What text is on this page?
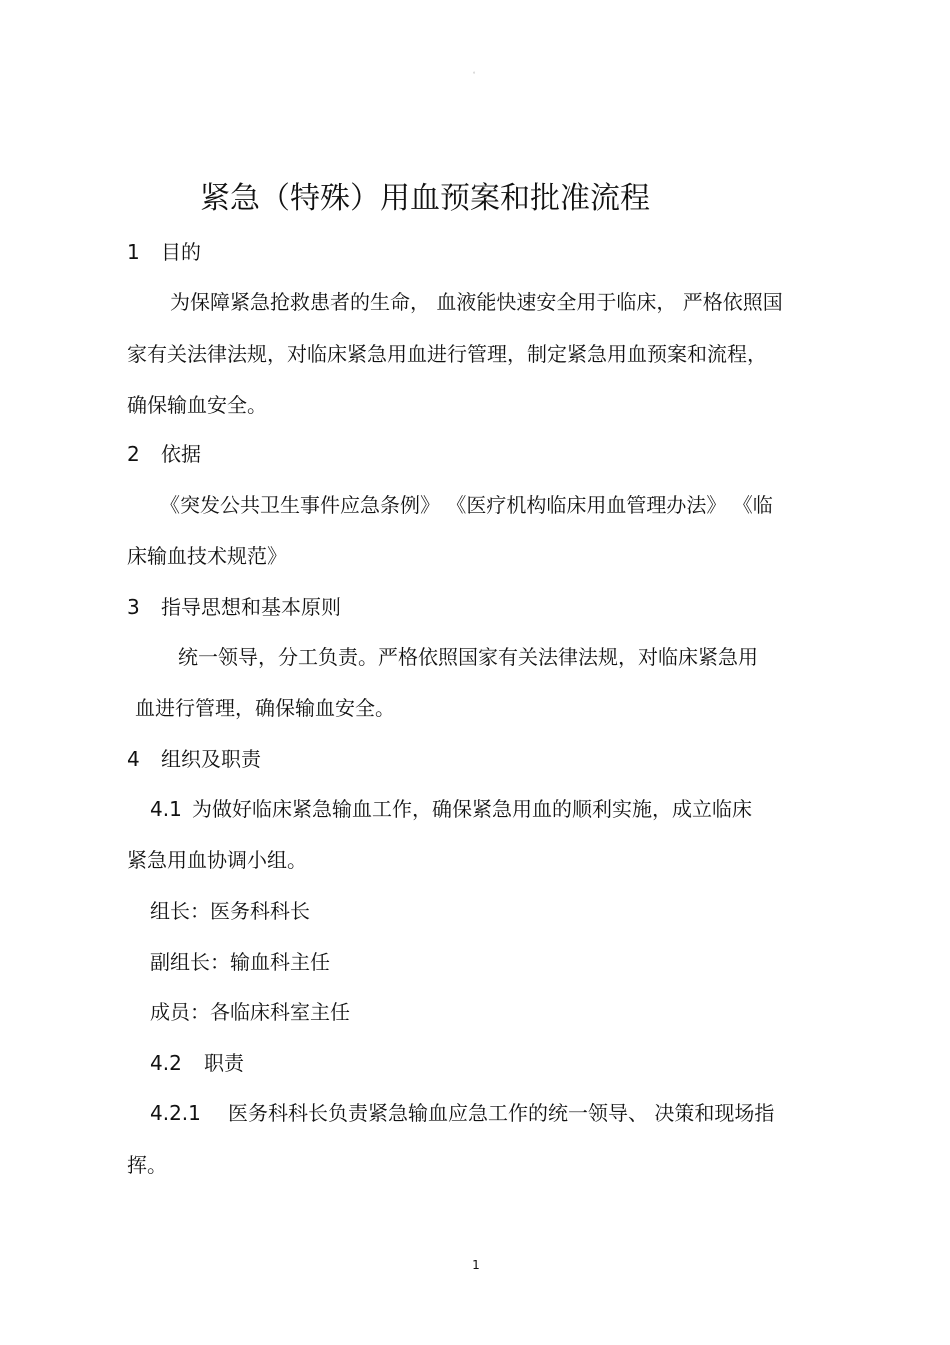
。
紧急（特殊）用血预案和批准流程
1 目的
为保障紧急抢救患者的生命， 血液能快速安全用于临床， 严格依照国
家有关法律法规，对临床紧急用血进行管理，制定紧急用血预案和流程，
确保输血安全。
2 依据
《突发公共卫生事件应急条例》 《医疗机构临床用血管理办法》 《临
床输血技术规范》
3 指导思想和基本原则
统一领导，分工负责。严格依照国家有关法律法规，对临床紧急用
血进行管理，确保输血安全。
4 组织及职责
4.1 为做好临床紧急输血工作，确保紧急用血的顺利实施，成立临床
紧急用血协调小组。
组长：医务科科长
副组长：输血科主任
成员：各临床科室主任
4.2 职责
4.2.1 医务科科长负责紧急输血应急工作的统一领导、 决策和现场指
挥。
1
